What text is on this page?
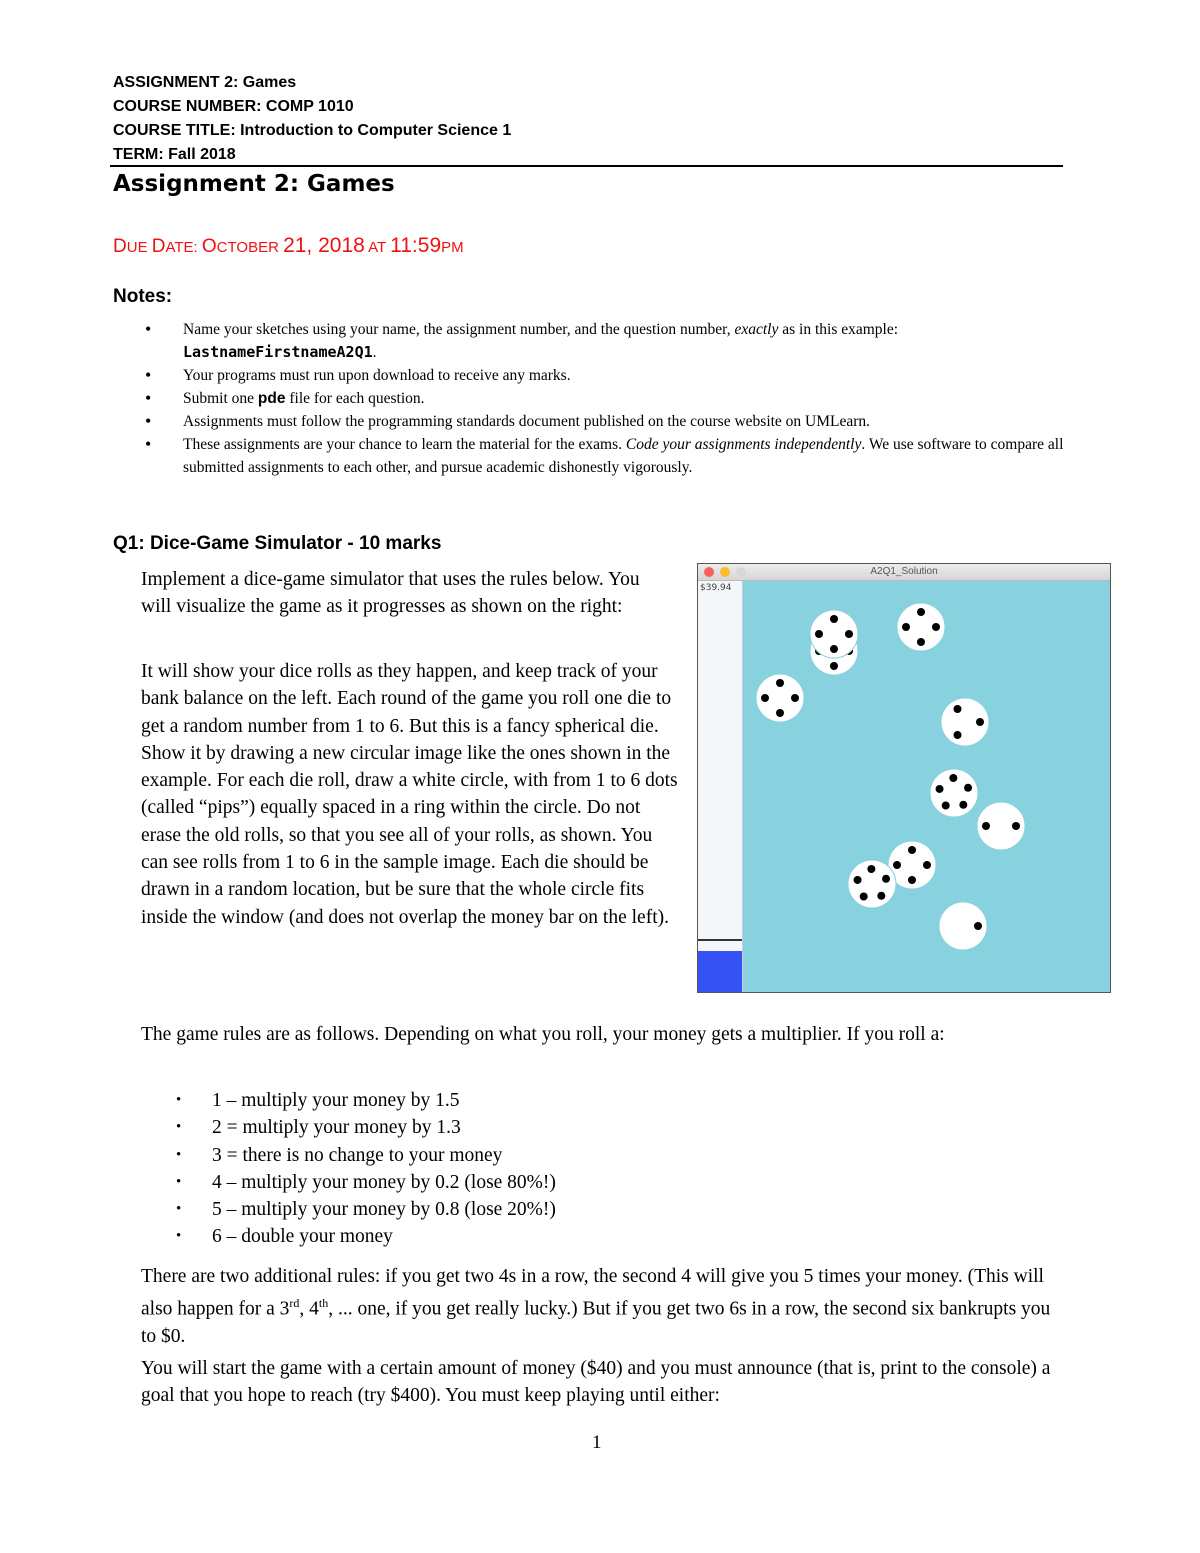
ASSIGNMENT 2: Games
COURSE NUMBER: COMP 1010
COURSE TITLE: Introduction to Computer Science 1
TERM: Fall 2018
Assignment 2: Games
DUE DATE: OCTOBER 21, 2018 AT 11:59PM
Notes:
• Name your sketches using your name, the assignment number, and the question number, exactly as in this example: LastnameFirstnameA2Q1.
• Your programs must run upon download to receive any marks.
• Submit one pde file for each question.
• Assignments must follow the programming standards document published on the course website on UMLearn.
• These assignments are your chance to learn the material for the exams. Code your assignments independently. We use software to compare all submitted assignments to each other, and pursue academic dishonestly vigorously.
Q1: Dice-Game Simulator - 10 marks
Implement a dice-game simulator that uses the rules below. You will visualize the game as it progresses as shown on the right:
It will show your dice rolls as they happen, and keep track of your bank balance on the left. Each round of the game you roll one die to get a random number from 1 to 6. But this is a fancy spherical die. Show it by drawing a new circular image like the ones shown in the example. For each die roll, draw a white circle, with from 1 to 6 dots (called “pips”) equally spaced in a ring within the circle. Do not erase the old rolls, so that you see all of your rolls, as shown. You can see rolls from 1 to 6 in the sample image. Each die should be drawn in a random location, but be sure that the whole circle fits inside the window (and does not overlap the money bar on the left).
A2Q1_Solution
$39.94
The game rules are as follows. Depending on what you roll, your money gets a multiplier. If you roll a:
• 1 – multiply your money by 1.5
• 2 = multiply your money by 1.3
• 3 = there is no change to your money
• 4 – multiply your money by 0.2 (lose 80%!)
• 5 – multiply your money by 0.8 (lose 20%!)
• 6 – double your money
There are two additional rules: if you get two 4s in a row, the second 4 will give you 5 times your money. (This will also happen for a 3rd, 4th, ... one, if you get really lucky.) But if you get two 6s in a row, the second six bankrupts you to $0.
You will start the game with a certain amount of money ($40) and you must announce (that is, print to the console) a goal that you hope to reach (try $400). You must keep playing until either:
1
